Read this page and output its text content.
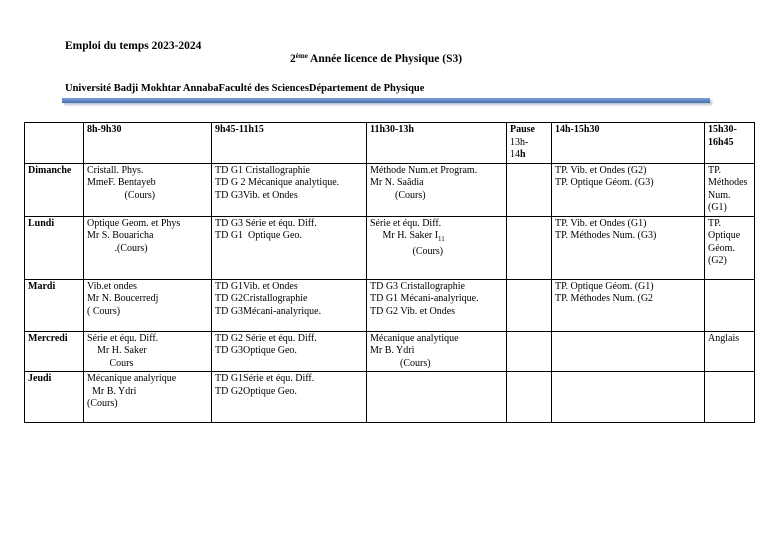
Emploi du temps 2023-2024
2ème Année licence de Physique (S3)
Université Badji Mokhtar AnnabaFaculté des SciencesDépartement de Physique
	8h-9h30	9h45-11h15	11h30-13h	Pause
13h-
14h	14h-15h30	15h30-
16h45
Dimanche	Cristall. Phys.
MmeF. Bentayeb
(Cours)	TD G1 Cristallographie
TD G 2 Mécanique analytique.
TD G3Vib. et Ondes	Méthode Num.et Program.
Mr N. Saâdia
(Cours)		TP. Vib. et Ondes (G2)
TP. Optique Géom. (G3)	TP.
Méthodes
Num.
(G1)
Lundi	Optique Geom. et Phys
Mr S. Bouaricha
.(Cours)	TD G3 Série et équ. Diff.
TD G1  Optique Geo.	Série et équ. Diff.
Mr H. Saker $I_{11}$
(Cours)		TP. Vib. et Ondes (G1)
TP. Méthodes Num. (G3)	TP.
Optique
Géom.
(G2)
Mardi	Vib.et ondes
Mr N. Boucerredj
( Cours)	TD G1Vib. et Ondes
TD G2Cristallographie
TD G3Mécani-analyrique.	TD G3 Cristallographie
TD G1 Mécani-analyrique.
TD G2 Vib. et Ondes		TP. Optique Géom. (G1)
TP. Méthodes Num. (G2	
Mercredi	Série et équ. Diff.
Mr H. Saker
Cours	TD G2 Série et équ. Diff.
TD G3Optique Geo.	Mécanique analytique
Mr B. Ydri
(Cours)			Anglais
Jeudi	Mécanique analyrique
Mr B. Ydri
(Cours)	TD G1Série et équ. Diff.
TD G2Optique Geo.				
